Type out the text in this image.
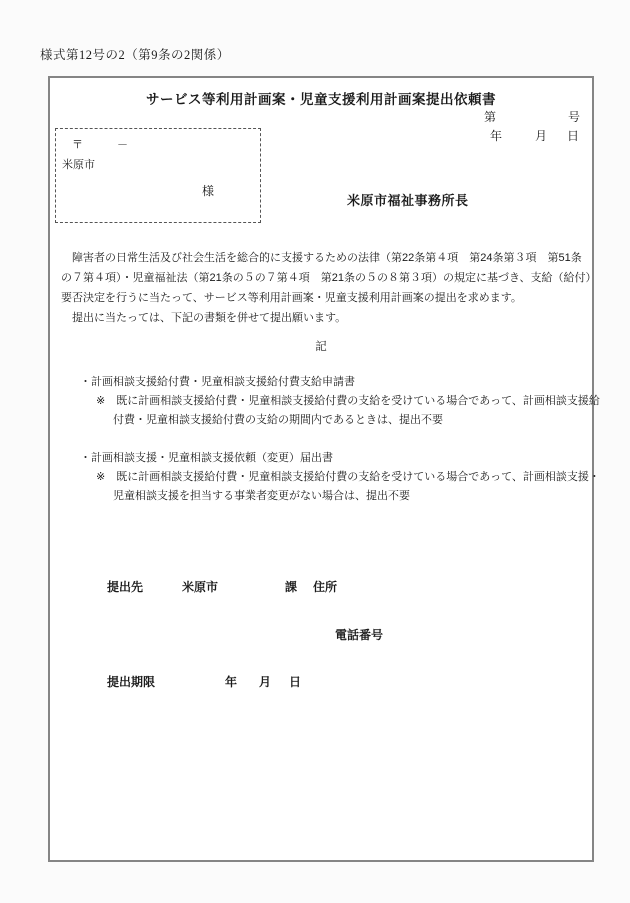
様式第12号の2（第9条の2関係）
サービス等利用計画案・児童支援利用計画案提出依頼書
第	号
年	月 日
〒	－
米原市
様
米原市福祉事務所長
　障害者の日常生活及び社会生活を総合的に支援するための法律（第22条第４項　第24条第３項　第51条
の７第４項）・児童福祉法（第21条の５の７第４項　第21条の５の８第３項）の規定に基づき、支給（給付）
要否決定を行うに当たって、サービス等利用計画案・児童支援利用計画案の提出を求めます。
　提出に当たっては、下記の書類を併せて提出願います。
記
・計画相談支援給付費・児童相談支援給付費支給申請書
※　既に計画相談支援給付費・児童相談支援給付費の支給を受けている場合であって、計画相談支援給
付費・児童相談支援給付費の支給の期間内であるときは、提出不要
・計画相談支援・児童相談支援依頼（変更）届出書
※　既に計画相談支援給付費・児童相談支援給付費の支給を受けている場合であって、計画相談支援・
児童相談支援を担当する事業者変更がない場合は、提出不要
提出先	米原市	課 住所
電話番号
提出期限	年 月 日
